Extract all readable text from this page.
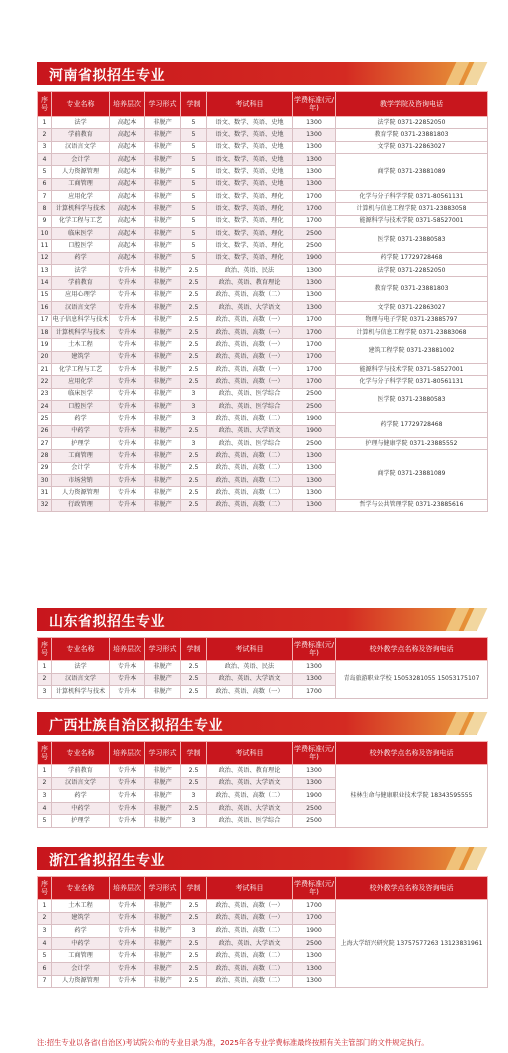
河南省拟招生专业
序号	专业名称	培养层次	学习形式	学制	考试科目	学费标准(元/年)	教学学院及咨询电话
1	法学	高起本	非脱产	5	语文、数学、英语、史地	1300	法学院 0371-22852050
2	学前教育	高起本	非脱产	5	语文、数学、英语、史地	1300	教育学院 0371-23881803
3	汉语言文学	高起本	非脱产	5	语文、数学、英语、史地	1300	文学院 0371-22863027
4	会计学	高起本	非脱产	5	语文、数学、英语、史地	1300	商学院 0371-23881089
5	人力资源管理	高起本	非脱产	5	语文、数学、英语、史地	1300	
6	工商管理	高起本	非脱产	5	语文、数学、英语、史地	1300	
7	应用化学	高起本	非脱产	5	语文、数学、英语、理化	1700	化学与分子科学学院 0371-80561131
8	计算机科学与技术	高起本	非脱产	5	语文、数学、英语、理化	1700	计算机与信息工程学院 0371-23883058
9	化学工程与工艺	高起本	非脱产	5	语文、数学、英语、理化	1700	能源科学与技术学院 0371-58527001
10	临床医学	高起本	非脱产	5	语文、数学、英语、理化	2500	医学院 0371-23880583
11	口腔医学	高起本	非脱产	5	语文、数学、英语、理化	2500	
12	药学	高起本	非脱产	5	语文、数学、英语、理化	1900	药学院 17729728468
13	法学	专升本	非脱产	2.5	政治、英语、民法	1300	法学院 0371-22852050
14	学前教育	专升本	非脱产	2.5	政治、英语、教育理论	1300	教育学院 0371-23881803
15	应用心理学	专升本	非脱产	2.5	政治、英语、高数（二）	1300	
16	汉语言文学	专升本	非脱产	2.5	政治、英语、大学语文	1300	文学院 0371-22863027
17	电子信息科学与技术	专升本	非脱产	2.5	政治、英语、高数（一）	1700	物理与电子学院 0371-23885797
18	计算机科学与技术	专升本	非脱产	2.5	政治、英语、高数（一）	1700	计算机与信息工程学院 0371-23883068
19	土木工程	专升本	非脱产	2.5	政治、英语、高数（一）	1700	建筑工程学院 0371-23881002
20	建筑学	专升本	非脱产	2.5	政治、英语、高数（一）	1700	
21	化学工程与工艺	专升本	非脱产	2.5	政治、英语、高数（一）	1700	能源科学与技术学院 0371-58527001
22	应用化学	专升本	非脱产	2.5	政治、英语、高数（一）	1700	化学与分子科学学院 0371-80561131
23	临床医学	专升本	非脱产	3	政治、英语、医学综合	2500	医学院 0371-23880583
24	口腔医学	专升本	非脱产	3	政治、英语、医学综合	2500	
25	药学	专升本	非脱产	3	政治、英语、高数（二）	1900	药学院 17729728468
26	中药学	专升本	非脱产	2.5	政治、英语、大学语文	1900	
27	护理学	专升本	非脱产	3	政治、英语、医学综合	2500	护理与健康学院 0371-23885552
28	工商管理	专升本	非脱产	2.5	政治、英语、高数（二）	1300	商学院 0371-23881089
29	会计学	专升本	非脱产	2.5	政治、英语、高数（二）	1300	
30	市场营销	专升本	非脱产	2.5	政治、英语、高数（二）	1300	
31	人力资源管理	专升本	非脱产	2.5	政治、英语、高数（二）	1300	
32	行政管理	专升本	非脱产	2.5	政治、英语、高数（二）	1300	哲学与公共管理学院 0371-23885616
山东省拟招生专业
序号	专业名称	培养层次	学习形式	学制	考试科目	学费标准(元/年)	校外教学点名称及咨询电话
1	法学	专升本	非脱产	2.5	政治、英语、民法	1300	青岛旅游职业学校 15053281055 15053175107
2	汉语言文学	专升本	非脱产	2.5	政治、英语、大学语文	1300	
3	计算机科学与技术	专升本	非脱产	2.5	政治、英语、高数（一）	1700	
广西壮族自治区拟招生专业
序号	专业名称	培养层次	学习形式	学制	考试科目	学费标准(元/年)	校外教学点名称及咨询电话
1	学前教育	专升本	非脱产	2.5	政治、英语、教育理论	1300	桂林生命与健康职业技术学院 18343595555
2	汉语言文学	专升本	非脱产	2.5	政治、英语、大学语文	1300	
3	药学	专升本	非脱产	3	政治、英语、高数（二）	1900	
4	中药学	专升本	非脱产	2.5	政治、英语、大学语文	2500	
5	护理学	专升本	非脱产	3	政治、英语、医学综合	2500	
浙江省拟招生专业
序号	专业名称	培养层次	学习形式	学制	考试科目	学费标准(元/年)	校外教学点名称及咨询电话
1	土木工程	专升本	非脱产	2.5	政治、英语、高数（一）	1700	上海大学绍兴研究院 13757577263 13123831961
2	建筑学	专升本	非脱产	2.5	政治、英语、高数（一）	1700	
3	药学	专升本	非脱产	3	政治、英语、高数（二）	1900	
4	中药学	专升本	非脱产	2.5	政治、英语、大学语文	2500	
5	工商管理	专升本	非脱产	2.5	政治、英语、高数（二）	1300	
6	会计学	专升本	非脱产	2.5	政治、英语、高数（二）	1300	
7	人力资源管理	专升本	非脱产	2.5	政治、英语、高数（二）	1300	
注:招生专业以各省(自治区)考试院公布的专业目录为准，2025年各专业学费标准最终按照有关主管部门的文件规定执行。
